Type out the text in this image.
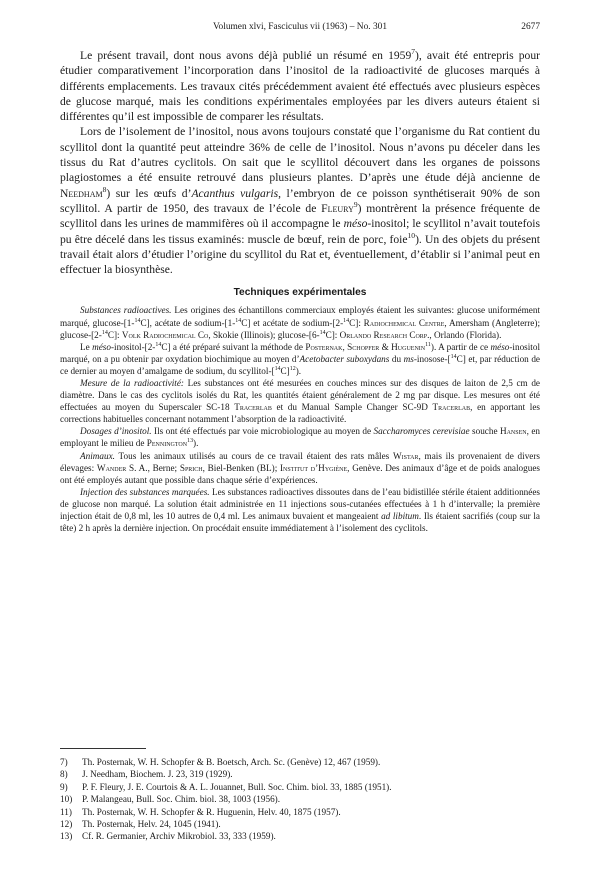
Volumen xlvi, Fasciculus vii (1963) – No. 301	2677

Le présent travail, dont nous avons déjà publié un résumé en 1959$^7$), avait été entrepris pour étudier comparativement l’incorporation dans l’inositol de la radioactivité de glucoses marqués à différents emplacements. Les travaux cités précédemment avaient été effectués avec plusieurs espèces de glucose marqué, mais les conditions expérimentales employées par les divers auteurs étaient si différentes qu’il est impossible de comparer les résultats.

Lors de l’isolement de l’inositol, nous avons toujours constaté que l’organisme du Rat contient du scyllitol dont la quantité peut atteindre 36% de celle de l’inositol. Nous n’avons pu déceler dans les tissus du Rat d’autres cyclitols. On sait que le scyllitol découvert dans les organes de poissons plagiostomes a été ensuite retrouvé dans plusieurs plantes. D’après une étude déjà ancienne de Needham$^8$) sur les œufs d’Acanthus vulgaris, l’embryon de ce poisson synthétiserait 90% de son scyllitol. A partir de 1950, des travaux de l’école de Fleury$^9$) montrèrent la présence fréquente de scyllitol dans les urines de mammifères où il accompagne le méso-inositol; le scyllitol n’avait toutefois pu être décelé dans les tissus examinés: muscle de bœuf, rein de porc, foie$^{10}$). Un des objets du présent travail était alors d’étudier l’origine du scyllitol du Rat et, éventuellement, d’établir si l’animal peut en effectuer la biosynthèse.

Techniques expérimentales

Substances radioactives. Les origines des échantillons commerciaux employés étaient les suivantes: glucose uniformément marqué, glucose-[1-$^{14}$C], acétate de sodium-[1-$^{14}$C] et acétate de sodium-[2-$^{14}$C]: Radiochemical Centre, Amersham (Angleterre); glucose-[2-$^{14}$C]: Volk Radiochemical Co, Skokie (Illinois); glucose-[6-$^{14}$C]: Orlando Research Corp., Orlando (Florida).

Le méso-inositol-[2-$^{14}$C] a été préparé suivant la méthode de Posternak, Schopfer & Huguenin$^{11}$). A partir de ce méso-inositol marqué, on a pu obtenir par oxydation biochimique au moyen d’Acetobacter suboxydans du ms-inosose-[$^{14}$C] et, par réduction de ce dernier au moyen d’amalgame de sodium, du scyllitol-$[^{14}C]^{12}$).

Mesure de la radioactivité: Les substances ont été mesurées en couches minces sur des disques de laiton de 2,5 cm de diamètre. Dans le cas des cyclitols isolés du Rat, les quantités étaient généralement de 2 mg par disque. Les mesures ont été effectuées au moyen du Superscaler SC-18 Tracerlab et du Manual Sample Changer SC-9D Tracerlab, en apportant les corrections habituelles concernant notamment l’absorption de la radioactivité.

Dosages d’inositol. Ils ont été effectués par voie microbiologique au moyen de Saccharomyces cerevisiae souche Hansen, en employant le milieu de Pennington$^{13}$).

Animaux. Tous les animaux utilisés au cours de ce travail étaient des rats mâles Wistar, mais ils provenaient de divers élevages: Wander S. A., Berne; Sprich, Biel-Benken (BL); Institut d’Hygiène, Genève. Des animaux d’âge et de poids analogues ont été employés autant que possible dans chaque série d’expériences.

Injection des substances marquées. Les substances radioactives dissoutes dans de l’eau bidistillée stérile étaient additionnées de glucose non marqué. La solution était administrée en 11 injections sous-cutanées effectuées à 1 h d’intervalle; la première injection était de 0,8 ml, les 10 autres de 0,4 ml. Les animaux buvaient et mangeaient ad libitum. Ils étaient sacrifiés (coup sur la tête) 2 h après la dernière injection. On procédait ensuite immédiatement à l’isolement des cyclitols.

7)	Th. Posternak, W. H. Schopfer & B. Boetsch, Arch. Sc. (Genève) 12, 467 (1959).
8)	J. Needham, Biochem. J. 23, 319 (1929).
9)	P. F. Fleury, J. E. Courtois & A. L. Jouannet, Bull. Soc. Chim. biol. 33, 1885 (1951).
10)	P. Malangeau, Bull. Soc. Chim. biol. 38, 1003 (1956).
11)	Th. Posternak, W. H. Schopfer & R. Huguenin, Helv. 40, 1875 (1957).
12)	Th. Posternak, Helv. 24, 1045 (1941).
13)	Cf. R. Germanier, Archiv Mikrobiol. 33, 333 (1959).
